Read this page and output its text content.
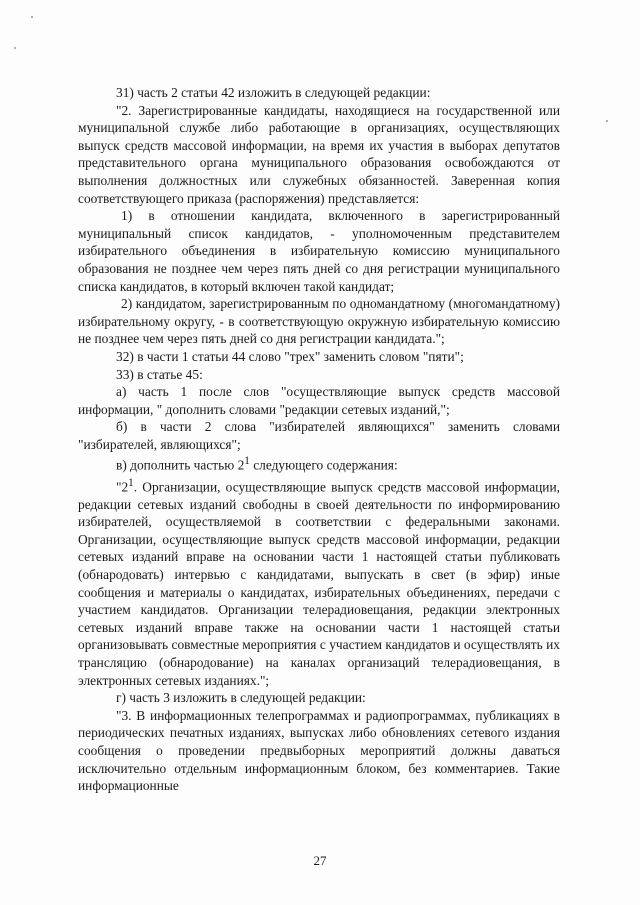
31) часть 2 статьи 42 изложить в следующей редакции:

"2. Зарегистрированные кандидаты, находящиеся на государственной или муниципальной службе либо работающие в организациях, осуществляющих выпуск средств массовой информации, на время их участия в выборах депутатов представительного органа муниципального образования освобождаются от выполнения должностных или служебных обязанностей. Заверенная копия соответствующего приказа (распоряжения) представляется:

1) в отношении кандидата, включенного в зарегистрированный муниципальный список кандидатов, - уполномоченным представителем избирательного объединения в избирательную комиссию муниципального образования не позднее чем через пять дней со дня регистрации муниципального списка кандидатов, в который включен такой кандидат;

2) кандидатом, зарегистрированным по одномандатному (многомандатному) избирательному округу, - в соответствующую окружную избирательную комиссию не позднее чем через пять дней со дня регистрации кандидата.";

32) в части 1 статьи 44 слово "трех" заменить словом "пяти";

33) в статье 45:

а) часть 1 после слов "осуществляющие выпуск средств массовой информации, " дополнить словами "редакции сетевых изданий,";

б) в части 2 слова "избирателей являющихся" заменить словами "избирателей, являющихся";

в) дополнить частью $2^1$ следующего содержания:

"$2^1$. Организации, осуществляющие выпуск средств массовой информации, редакции сетевых изданий свободны в своей деятельности по информированию избирателей, осуществляемой в соответствии с федеральными законами. Организации, осуществляющие выпуск средств массовой информации, редакции сетевых изданий вправе на основании части 1 настоящей статьи публиковать (обнародовать) интервью с кандидатами, выпускать в свет (в эфир) иные сообщения и материалы о кандидатах, избирательных объединениях, передачи с участием кандидатов. Организации телерадиовещания, редакции электронных сетевых изданий вправе также на основании части 1 настоящей статьи организовывать совместные мероприятия с участием кандидатов и осуществлять их трансляцию (обнародование) на каналах организаций телерадиовещания, в электронных сетевых изданиях.";

г) часть 3 изложить в следующей редакции:

"3. В информационных телепрограммах и радиопрограммах, публикациях в периодических печатных изданиях, выпусках либо обновлениях сетевого издания сообщения о проведении предвыборных мероприятий должны даваться исключительно отдельным информационным блоком, без комментариев. Такие информационные

27
